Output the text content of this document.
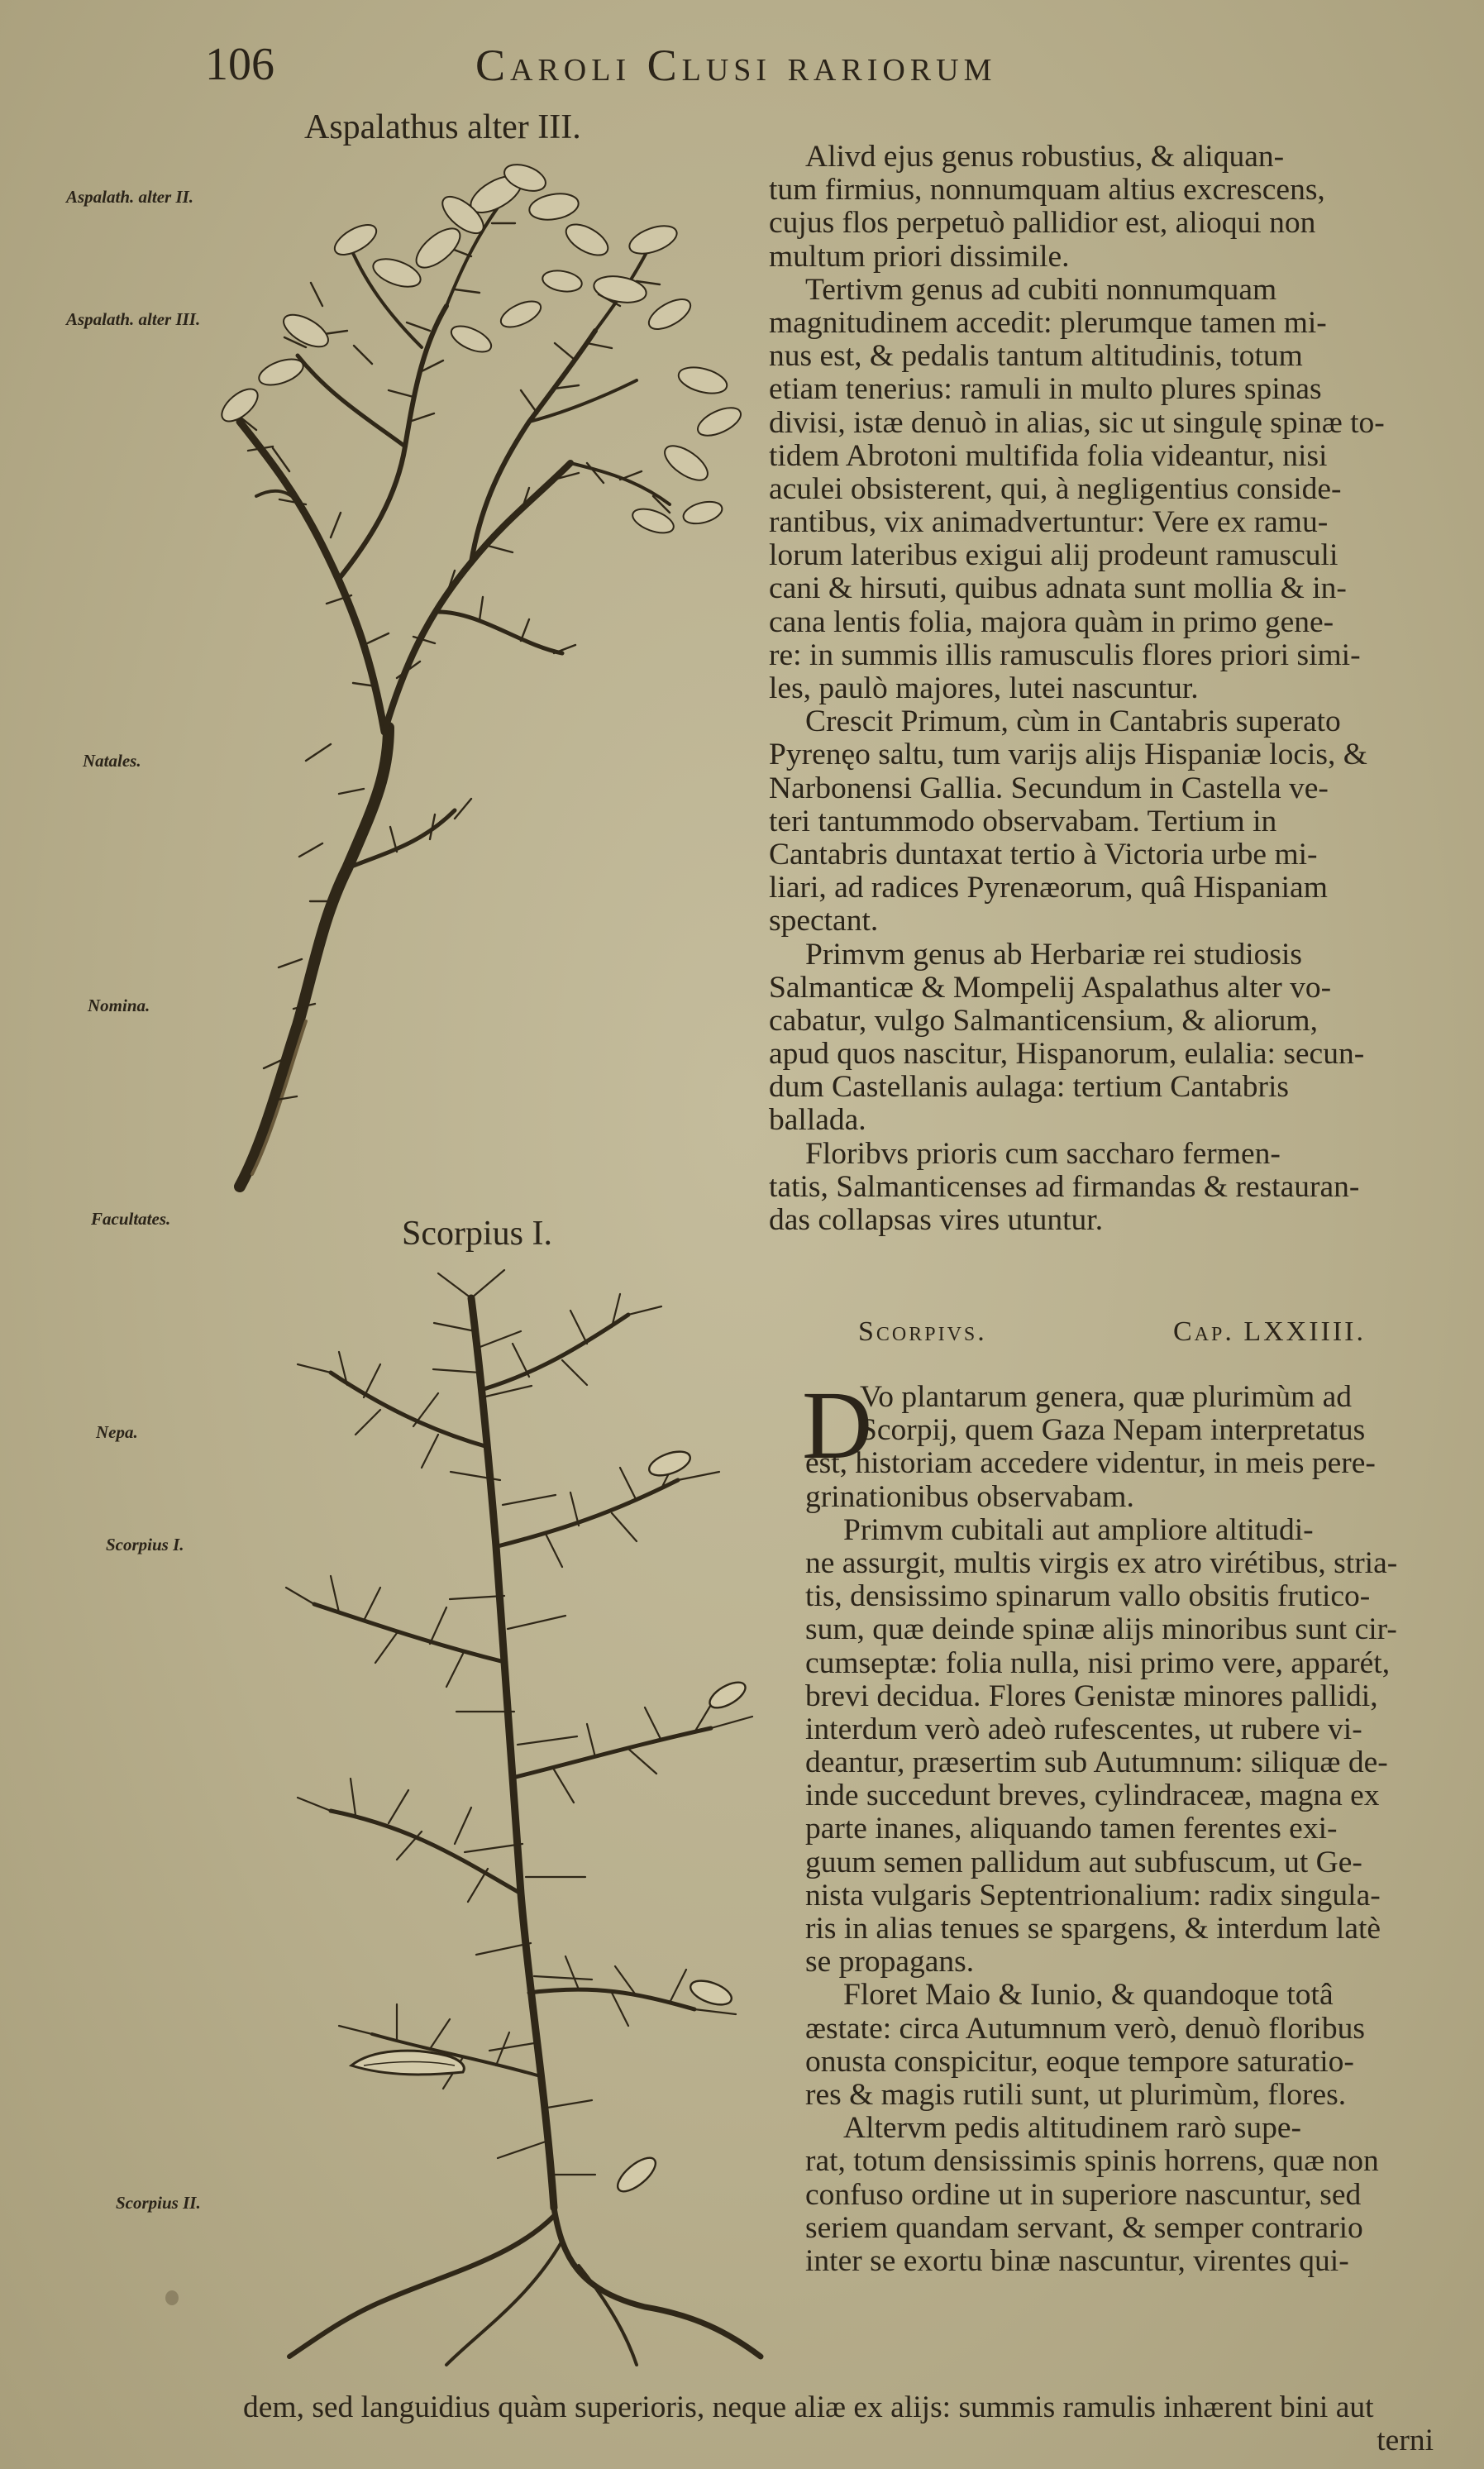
106	Caroli Clusi rariorum
Aspalathus alter III.
Scorpius I.
Aspalath. alter II.
Aspalath. alter III.
Natales.
Nomina.
Facultates.
Nepa.
Scorpius I.
Scorpius II.
Alivd ejus genus robustius, & aliquan-
tum firmius, nonnumquam altius excrescens,
cujus flos perpetuò pallidior est, alioqui non
multum priori dissimile.
Tertivm genus ad cubiti nonnumquam
magnitudinem accedit: plerumque tamen mi-
nus est, & pedalis tantum altitudinis, totum
etiam tenerius: ramuli in multo plures spinas
divisi, istæ denuò in alias, sic ut singulę spinæ to-
tidem Abrotoni multifida folia videantur, nisi
aculei obsisterent, qui, à negligentius conside-
rantibus, vix animadvertuntur: Vere ex ramu-
lorum lateribus exigui alij prodeunt ramusculi
cani & hirsuti, quibus adnata sunt mollia & in-
cana lentis folia, majora quàm in primo gene-
re: in summis illis ramusculis flores priori simi-
les, paulò majores, lutei nascuntur.
Crescit Primum, cùm in Cantabris superato
Pyrenęo saltu, tum varijs alijs Hispaniæ locis, &
Narbonensi Gallia. Secundum in Castella ve-
teri tantummodo observabam. Tertium in
Cantabris duntaxat tertio à Victoria urbe mi-
liari, ad radices Pyrenæorum, quâ Hispaniam
spectant.
Primvm genus ab Herbariæ rei studiosis
Salmanticæ & Mompelij Aspalathus alter vo-
cabatur, vulgo Salmanticensium, & aliorum,
apud quos nascitur, Hispanorum, eulalia: secun-
dum Castellanis aulaga: tertium Cantabris
ballada.
Floribvs prioris cum saccharo fermen-
tatis, Salmanticenses ad firmandas & restauran-
das collapsas vires utuntur.
Scorpivs.	Cap. LXXIIII.
D
Vo plantarum genera, quæ plurimùm ad
Scorpij, quem Gaza Nepam interpretatus
est, historiam accedere videntur, in meis pere-
grinationibus observabam.
Primvm cubitali aut ampliore altitudi-
ne assurgit, multis virgis ex atro virétibus, stria-
tis, densissimo spinarum vallo obsitis frutico-
sum, quæ deinde spinæ alijs minoribus sunt cir-
cumseptæ: folia nulla, nisi primo vere, apparét,
brevi decidua. Flores Genistæ minores pallidi,
interdum verò adeò rufescentes, ut rubere vi-
deantur, præsertim sub Autumnum: siliquæ de-
inde succedunt breves, cylindraceæ, magna ex
parte inanes, aliquando tamen ferentes exi-
guum semen pallidum aut subfuscum, ut Ge-
nista vulgaris Septentrionalium: radix singula-
ris in alias tenues se spargens, & interdum latè
se propagans.
Floret Maio & Iunio, & quandoque totâ
æstate: circa Autumnum verò, denuò floribus
onusta conspicitur, eoque tempore saturatio-
res & magis rutili sunt, ut plurimùm, flores.
Altervm pedis altitudinem rarò supe-
rat, totum densissimis spinis horrens, quæ non
confuso ordine ut in superiore nascuntur, sed
seriem quandam servant, & semper contrario
inter se exortu binæ nascuntur, virentes qui-
dem, sed languidius quàm superioris, neque aliæ ex alijs: summis ramulis inhærent bini aut
terni
